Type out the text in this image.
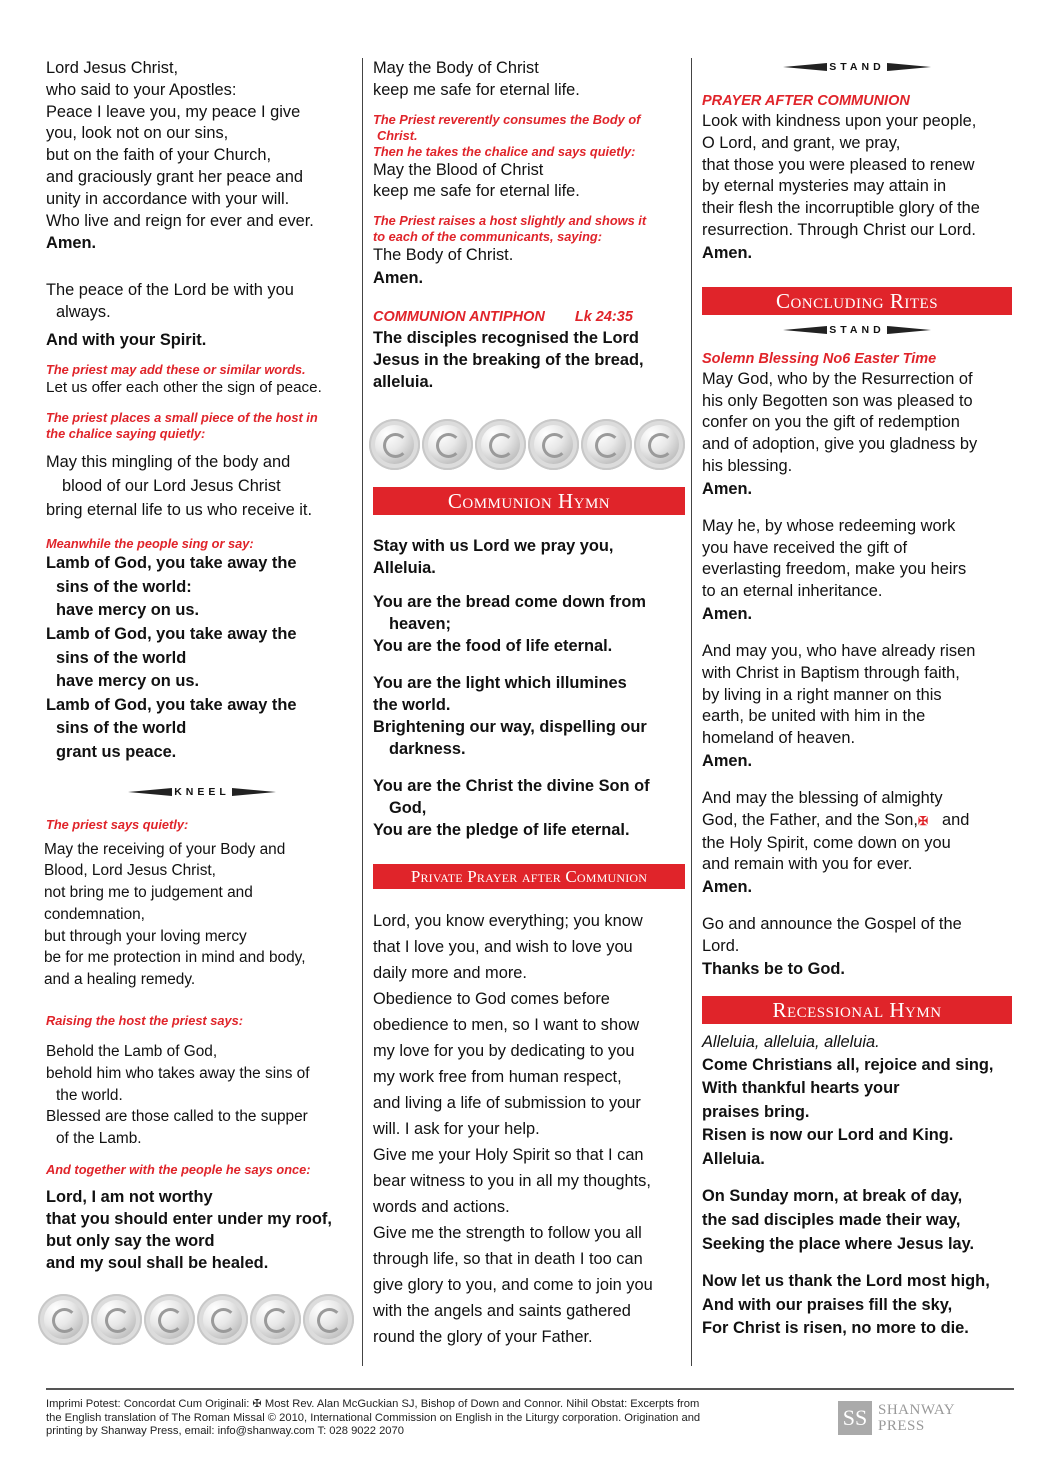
Lord Jesus Christ,

who said to your Apostles:

Peace I leave you, my peace I give

you, look not on our sins,

but on the faith of your Church,

and graciously grant her peace and

unity in accordance with your will.

Who live and reign for ever and ever.

Amen.

The peace of the Lord be with you

always.

And with your Spirit.

The priest may add these or similar words.

Let us offer each other the sign of peace.

The priest places a small piece of the host in

the chalice saying quietly:

May this mingling of the body and

blood of our Lord Jesus Christ

bring eternal life to us who receive it.

Meanwhile the people sing or say:

Lamb of God, you take away the

sins of the world:

have mercy on us.

Lamb of God, you take away the

sins of the world

have mercy on us.

Lamb of God, you take away the

sins of the world

grant us peace.

KNEEL

The priest says quietly:

May the receiving of your Body and

Blood, Lord Jesus Christ,

not bring me to judgement and

condemnation,

but through your loving mercy

be for me protection in mind and body,

and a healing remedy.

Raising the host the priest says:

Behold the Lamb of God,

behold him who takes away the sins of

the world.

Blessed are those called to the supper

of the Lamb.

And together with the people he says once:

Lord, I am not worthy

that you should enter under my roof,

but only say the word

and my soul shall be healed.

May the Body of Christ

keep me safe for eternal life.

The Priest reverently consumes the Body of

Christ.

Then he takes the chalice and says quietly:

May the Blood of Christ

keep me safe for eternal life.

The Priest raises a host slightly and shows it

to each of the communicants, saying:

The Body of Christ.

Amen.

COMMUNION ANTIPHON Lk 24:35

The disciples recognised the Lord

Jesus in the breaking of the bread,

alleluia.

Communion Hymn

Stay with us Lord we pray you,

Alleluia.

You are the bread come down from

heaven;

You are the food of life eternal.

You are the light which illumines

the world.

Brightening our way, dispelling our

darkness.

You are the Christ the divine Son of

God,

You are the pledge of life eternal.

Private Prayer after Communion

Lord, you know everything; you know

that I love you, and wish to love you

daily more and more.

Obedience to God comes before

obedience to men, so I want to show

my love for you by dedicating to you

my work free from human respect,

and living a life of submission to your

will. I ask for your help.

Give me your Holy Spirit so that I can

bear witness to you in all my thoughts,

words and actions.

Give me the strength to follow you all

through life, so that in death I too can

give glory to you, and come to join you

with the angels and saints gathered

round the glory of your Father.

STAND

PRAYER AFTER COMMUNION

Look with kindness upon your people,

O Lord, and grant, we pray,

that those you were pleased to renew

by eternal mysteries may attain in

their flesh the incorruptible glory of the

resurrection. Through Christ our Lord.

Amen.

Concluding Rites
STAND

Solemn Blessing No6 Easter Time

May God, who by the Resurrection of

his only Begotten son was pleased to

confer on you the gift of redemption

and of adoption, give you gladness by

his blessing.

Amen.

May he, by whose redeeming work

you have received the gift of

everlasting freedom, make you heirs

to an eternal inheritance.

Amen.

And may you, who have already risen

with Christ in Baptism through faith,

by living in a right manner on this

earth, be united with him in the

homeland of heaven.

Amen.

And may the blessing of almighty

God, the Father, and the Son,✠ and

the Holy Spirit, come down on you

and remain with you for ever.

Amen.

Go and announce the Gospel of the

Lord.

Thanks be to God.

Recessional Hymn

Alleluia, alleluia, alleluia.

Come Christians all, rejoice and sing,

With thankful hearts your

praises bring.

Risen is now our Lord and King.

Alleluia.

On Sunday morn, at break of day,

the sad disciples made their way,

Seeking the place where Jesus lay.

Now let us thank the Lord most high,

And with our praises fill the sky,

For Christ is risen, no more to die.

Imprimi Potest: Concordat Cum Originali: ✠ Most Rev. Alan McGuckian SJ, Bishop of Down and Connor. Nihil Obstat: Excerpts from
the English translation of The Roman Missal © 2010, International Commission on English in the Liturgy corporation. Origination and
printing by Shanway Press, email: info@shanway.com T: 028 9022 2070
SS SHANWAY
PRESS
